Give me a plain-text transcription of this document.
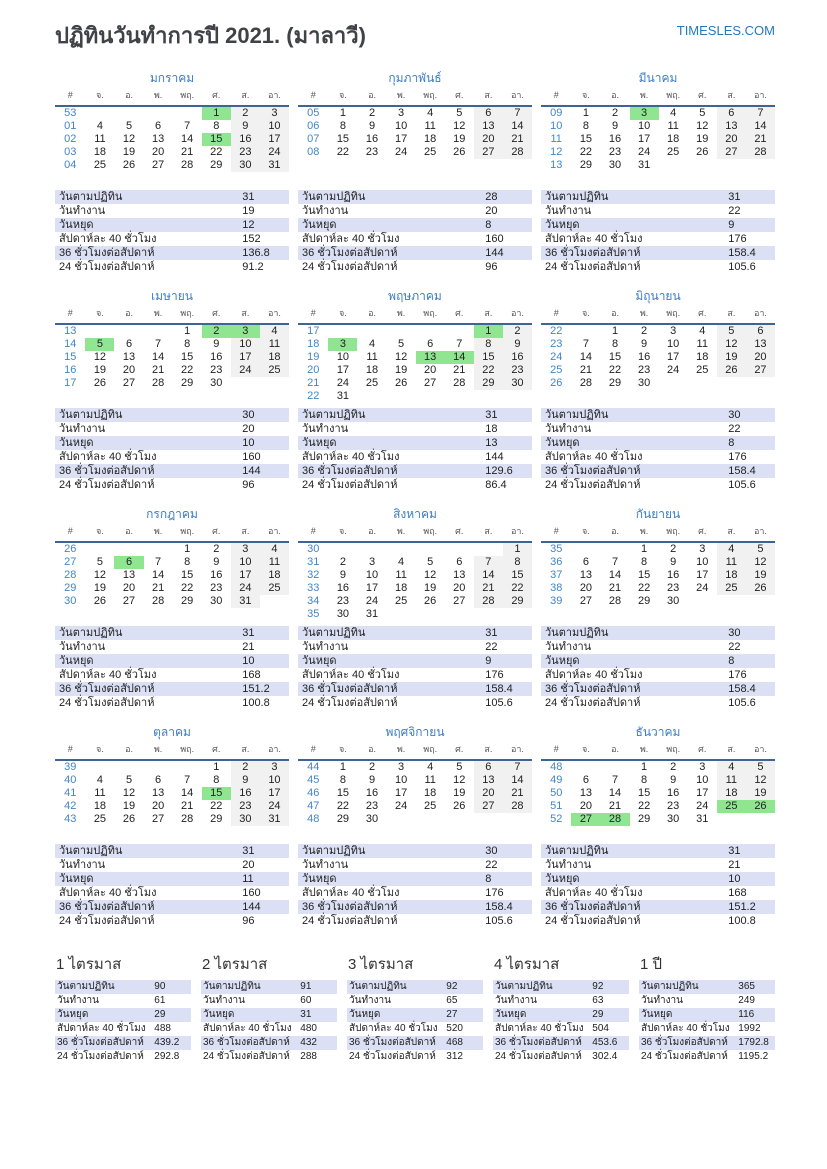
ปฏิทินวันทำการปี 2021. (มาลาวี)	TIMESLES.COM
มกราคม
#	จ.	อ.	พ.	พฤ.	ศ.	ส.	อา.
53					1	2	3
01	4	5	6	7	8	9	10
02	11	12	13	14	15	16	17
03	18	19	20	21	22	23	24
04	25	26	27	28	29	30	31
วันตามปฏิทิน	31
วันทำงาน	19
วันหยุด	12
สัปดาห์ละ 40 ชั่วโมง	152
36 ชั่วโมงต่อสัปดาห์	136.8
24 ชั่วโมงต่อสัปดาห์	91.2
กุมภาพันธ์
#	จ.	อ.	พ.	พฤ.	ศ.	ส.	อา.
05	1	2	3	4	5	6	7
06	8	9	10	11	12	13	14
07	15	16	17	18	19	20	21
08	22	23	24	25	26	27	28
วันตามปฏิทิน	28
วันทำงาน	20
วันหยุด	8
สัปดาห์ละ 40 ชั่วโมง	160
36 ชั่วโมงต่อสัปดาห์	144
24 ชั่วโมงต่อสัปดาห์	96
มีนาคม
#	จ.	อ.	พ.	พฤ.	ศ.	ส.	อา.
09	1	2	3	4	5	6	7
10	8	9	10	11	12	13	14
11	15	16	17	18	19	20	21
12	22	23	24	25	26	27	28
13	29	30	31				
วันตามปฏิทิน	31
วันทำงาน	22
วันหยุด	9
สัปดาห์ละ 40 ชั่วโมง	176
36 ชั่วโมงต่อสัปดาห์	158.4
24 ชั่วโมงต่อสัปดาห์	105.6
เมษายน
#	จ.	อ.	พ.	พฤ.	ศ.	ส.	อา.
13				1	2	3	4
14	5	6	7	8	9	10	11
15	12	13	14	15	16	17	18
16	19	20	21	22	23	24	25
17	26	27	28	29	30		
วันตามปฏิทิน	30
วันทำงาน	20
วันหยุด	10
สัปดาห์ละ 40 ชั่วโมง	160
36 ชั่วโมงต่อสัปดาห์	144
24 ชั่วโมงต่อสัปดาห์	96
พฤษภาคม
#	จ.	อ.	พ.	พฤ.	ศ.	ส.	อา.
17						1	2
18	3	4	5	6	7	8	9
19	10	11	12	13	14	15	16
20	17	18	19	20	21	22	23
21	24	25	26	27	28	29	30
22	31						
วันตามปฏิทิน	31
วันทำงาน	18
วันหยุด	13
สัปดาห์ละ 40 ชั่วโมง	144
36 ชั่วโมงต่อสัปดาห์	129.6
24 ชั่วโมงต่อสัปดาห์	86.4
มิถุนายน
#	จ.	อ.	พ.	พฤ.	ศ.	ส.	อา.
22		1	2	3	4	5	6
23	7	8	9	10	11	12	13
24	14	15	16	17	18	19	20
25	21	22	23	24	25	26	27
26	28	29	30				
วันตามปฏิทิน	30
วันทำงาน	22
วันหยุด	8
สัปดาห์ละ 40 ชั่วโมง	176
36 ชั่วโมงต่อสัปดาห์	158.4
24 ชั่วโมงต่อสัปดาห์	105.6
กรกฎาคม
#	จ.	อ.	พ.	พฤ.	ศ.	ส.	อา.
26				1	2	3	4
27	5	6	7	8	9	10	11
28	12	13	14	15	16	17	18
29	19	20	21	22	23	24	25
30	26	27	28	29	30	31	
วันตามปฏิทิน	31
วันทำงาน	21
วันหยุด	10
สัปดาห์ละ 40 ชั่วโมง	168
36 ชั่วโมงต่อสัปดาห์	151.2
24 ชั่วโมงต่อสัปดาห์	100.8
สิงหาคม
#	จ.	อ.	พ.	พฤ.	ศ.	ส.	อา.
30							1
31	2	3	4	5	6	7	8
32	9	10	11	12	13	14	15
33	16	17	18	19	20	21	22
34	23	24	25	26	27	28	29
35	30	31					
วันตามปฏิทิน	31
วันทำงาน	22
วันหยุด	9
สัปดาห์ละ 40 ชั่วโมง	176
36 ชั่วโมงต่อสัปดาห์	158.4
24 ชั่วโมงต่อสัปดาห์	105.6
กันยายน
#	จ.	อ.	พ.	พฤ.	ศ.	ส.	อา.
35			1	2	3	4	5
36	6	7	8	9	10	11	12
37	13	14	15	16	17	18	19
38	20	21	22	23	24	25	26
39	27	28	29	30			
วันตามปฏิทิน	30
วันทำงาน	22
วันหยุด	8
สัปดาห์ละ 40 ชั่วโมง	176
36 ชั่วโมงต่อสัปดาห์	158.4
24 ชั่วโมงต่อสัปดาห์	105.6
ตุลาคม
#	จ.	อ.	พ.	พฤ.	ศ.	ส.	อา.
39					1	2	3
40	4	5	6	7	8	9	10
41	11	12	13	14	15	16	17
42	18	19	20	21	22	23	24
43	25	26	27	28	29	30	31
วันตามปฏิทิน	31
วันทำงาน	20
วันหยุด	11
สัปดาห์ละ 40 ชั่วโมง	160
36 ชั่วโมงต่อสัปดาห์	144
24 ชั่วโมงต่อสัปดาห์	96
พฤศจิกายน
#	จ.	อ.	พ.	พฤ.	ศ.	ส.	อา.
44	1	2	3	4	5	6	7
45	8	9	10	11	12	13	14
46	15	16	17	18	19	20	21
47	22	23	24	25	26	27	28
48	29	30					
วันตามปฏิทิน	30
วันทำงาน	22
วันหยุด	8
สัปดาห์ละ 40 ชั่วโมง	176
36 ชั่วโมงต่อสัปดาห์	158.4
24 ชั่วโมงต่อสัปดาห์	105.6
ธันวาคม
#	จ.	อ.	พ.	พฤ.	ศ.	ส.	อา.
48			1	2	3	4	5
49	6	7	8	9	10	11	12
50	13	14	15	16	17	18	19
51	20	21	22	23	24	25	26
52	27	28	29	30	31		
วันตามปฏิทิน	31
วันทำงาน	21
วันหยุด	10
สัปดาห์ละ 40 ชั่วโมง	168
36 ชั่วโมงต่อสัปดาห์	151.2
24 ชั่วโมงต่อสัปดาห์	100.8
1 ไตรมาส
วันตามปฏิทิน	90
วันทำงาน	61
วันหยุด	29
สัปดาห์ละ 40 ชั่วโมง	488
36 ชั่วโมงต่อสัปดาห์	439.2
24 ชั่วโมงต่อสัปดาห์	292.8
2 ไตรมาส
วันตามปฏิทิน	91
วันทำงาน	60
วันหยุด	31
สัปดาห์ละ 40 ชั่วโมง	480
36 ชั่วโมงต่อสัปดาห์	432
24 ชั่วโมงต่อสัปดาห์	288
3 ไตรมาส
วันตามปฏิทิน	92
วันทำงาน	65
วันหยุด	27
สัปดาห์ละ 40 ชั่วโมง	520
36 ชั่วโมงต่อสัปดาห์	468
24 ชั่วโมงต่อสัปดาห์	312
4 ไตรมาส
วันตามปฏิทิน	92
วันทำงาน	63
วันหยุด	29
สัปดาห์ละ 40 ชั่วโมง	504
36 ชั่วโมงต่อสัปดาห์	453.6
24 ชั่วโมงต่อสัปดาห์	302.4
1 ปี
วันตามปฏิทิน	365
วันทำงาน	249
วันหยุด	116
สัปดาห์ละ 40 ชั่วโมง	1992
36 ชั่วโมงต่อสัปดาห์	1792.8
24 ชั่วโมงต่อสัปดาห์	1195.2
